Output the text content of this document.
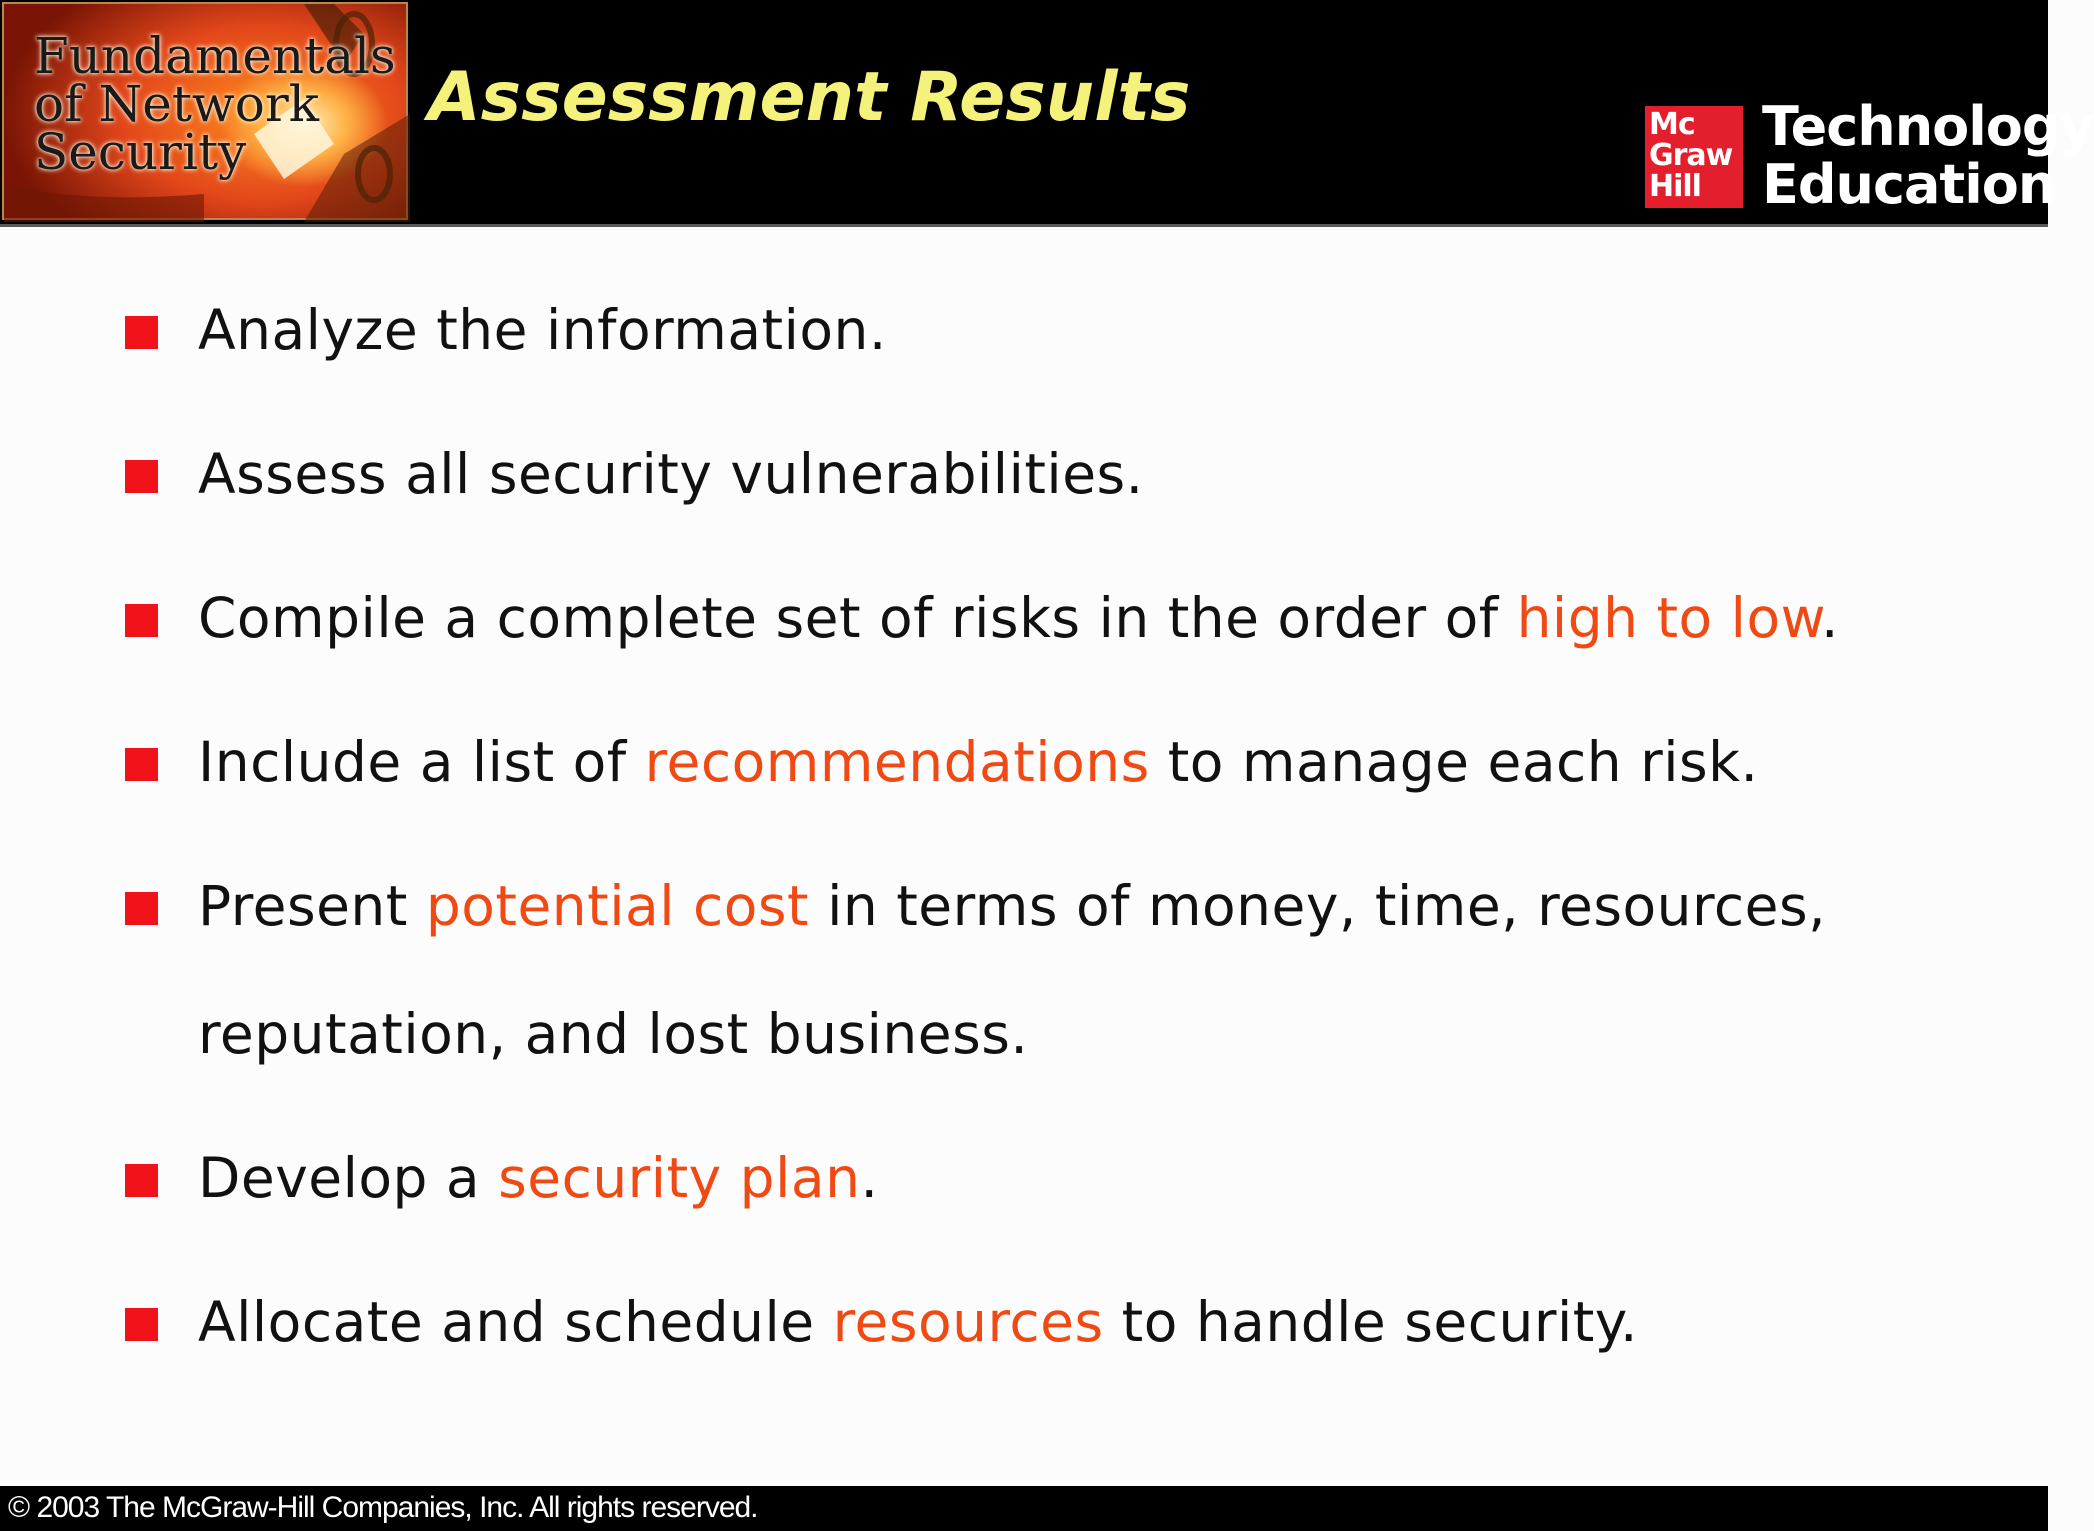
Fundamentals
of Network
Security
Assessment Results	Mc
Graw
Hill
Technology
Education
Analyze the information.
Assess all security vulnerabilities.
Compile a complete set of risks in the order of high to low.
Include a list of recommendations to manage each risk.
Present potential cost in terms of money, time, resources,
reputation, and lost business.
Develop a security plan.
Allocate and schedule resources to handle security.
© 2003 The McGraw-Hill Companies, Inc. All rights reserved.
